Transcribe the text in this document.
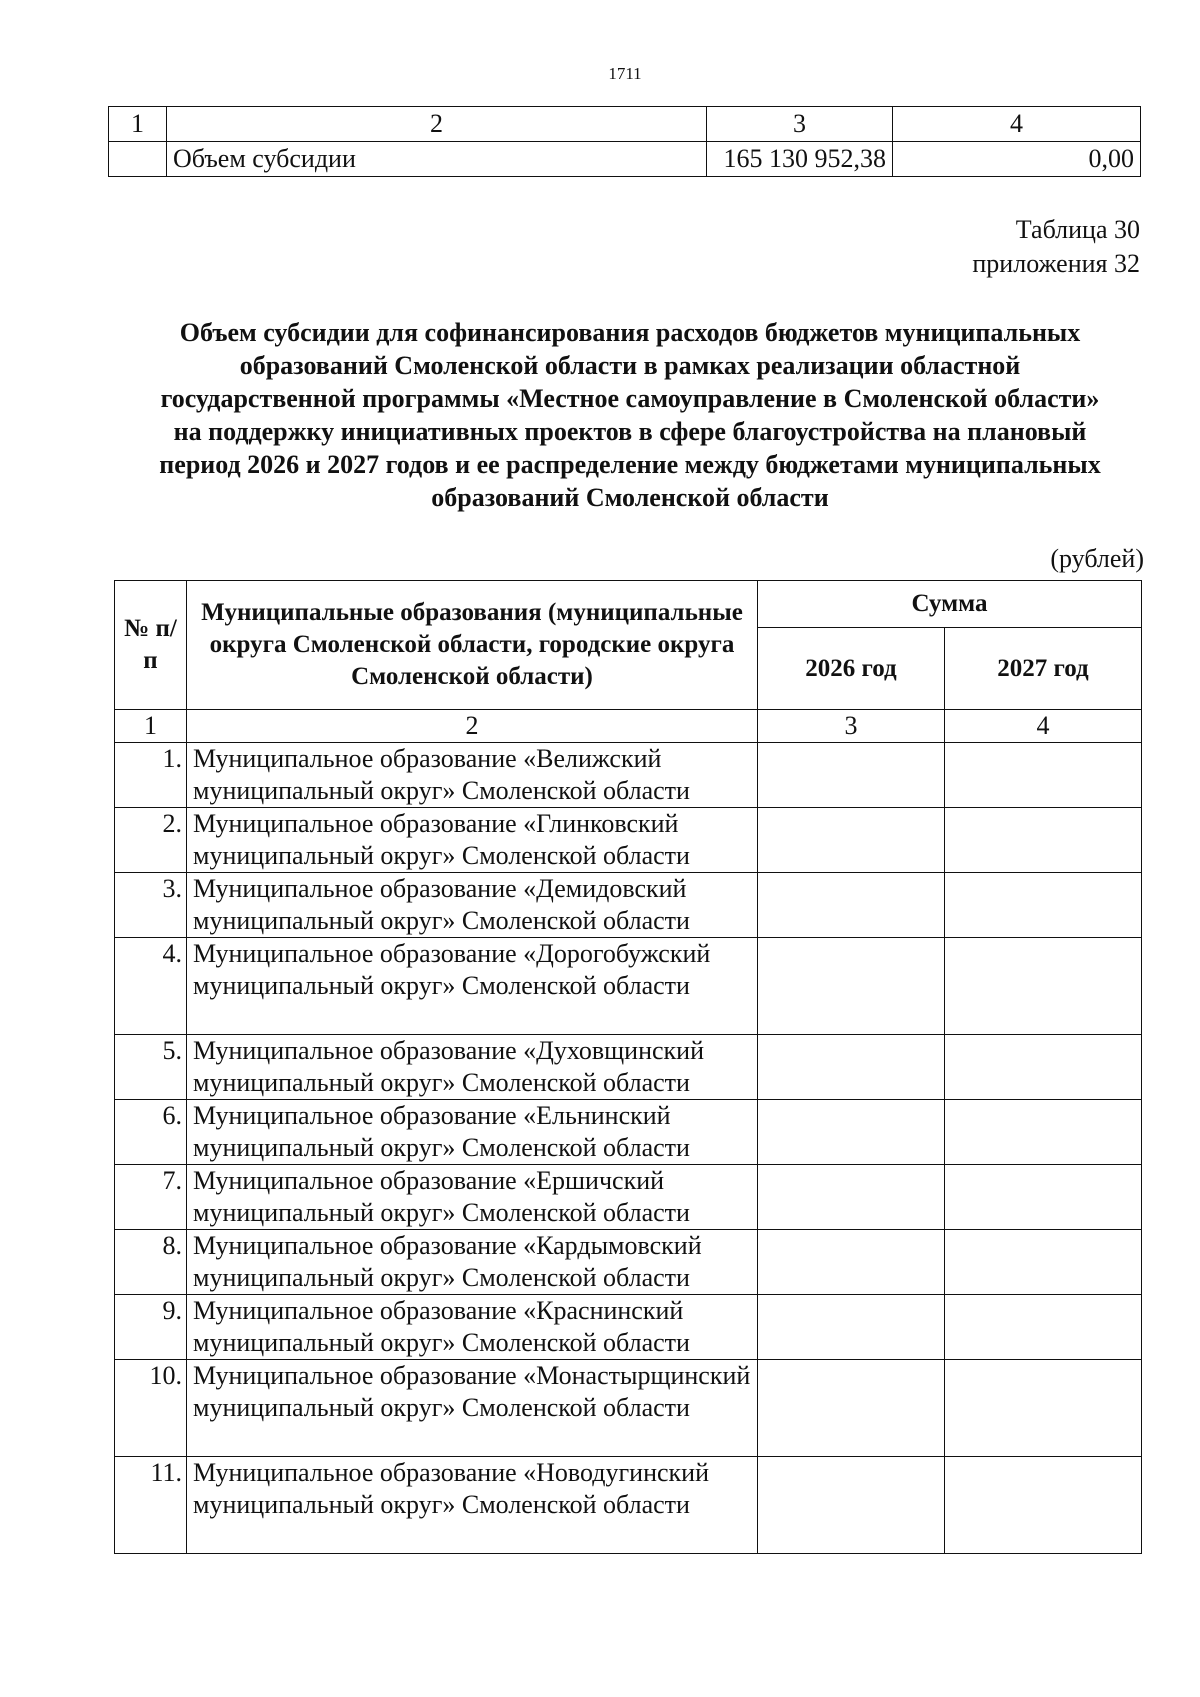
1711
1	2	3	4
	Объем субсидии	165 130 952,38	0,00
Таблица 30
приложения 32
Объем субсидии для софинансирования расходов бюджетов муниципальных
образований Смоленской области в рамках реализации областной
государственной программы «Местное самоуправление в Смоленской области»
на поддержку инициативных проектов в сфере благоустройства на плановый
период 2026 и 2027 годов и ее распределение между бюджетами муниципальных
образований Смоленской области
(рублей)
№ п/п	Муниципальные образования (муниципальные округа Смоленской области, городские округа Смоленской области)	Сумма	
		2026 год	2027 год
1	2	3	4
1.	Муниципальное образование «Велижский муниципальный округ» Смоленской области		
2.	Муниципальное образование «Глинковский муниципальный округ» Смоленской области		
3.	Муниципальное образование «Демидовский муниципальный округ» Смоленской области		
4.	Муниципальное образование «Дорогобужский муниципальный округ» Смоленской области		
5.	Муниципальное образование «Духовщинский муниципальный округ» Смоленской области		
6.	Муниципальное образование «Ельнинский муниципальный округ» Смоленской области		
7.	Муниципальное образование «Ершичский муниципальный округ» Смоленской области		
8.	Муниципальное образование «Кардымовский муниципальный округ» Смоленской области		
9.	Муниципальное образование «Краснинский муниципальный округ» Смоленской области		
10.	Муниципальное образование «Монастырщинский муниципальный округ» Смоленской области		
11.	Муниципальное образование «Новодугинский муниципальный округ» Смоленской области		
